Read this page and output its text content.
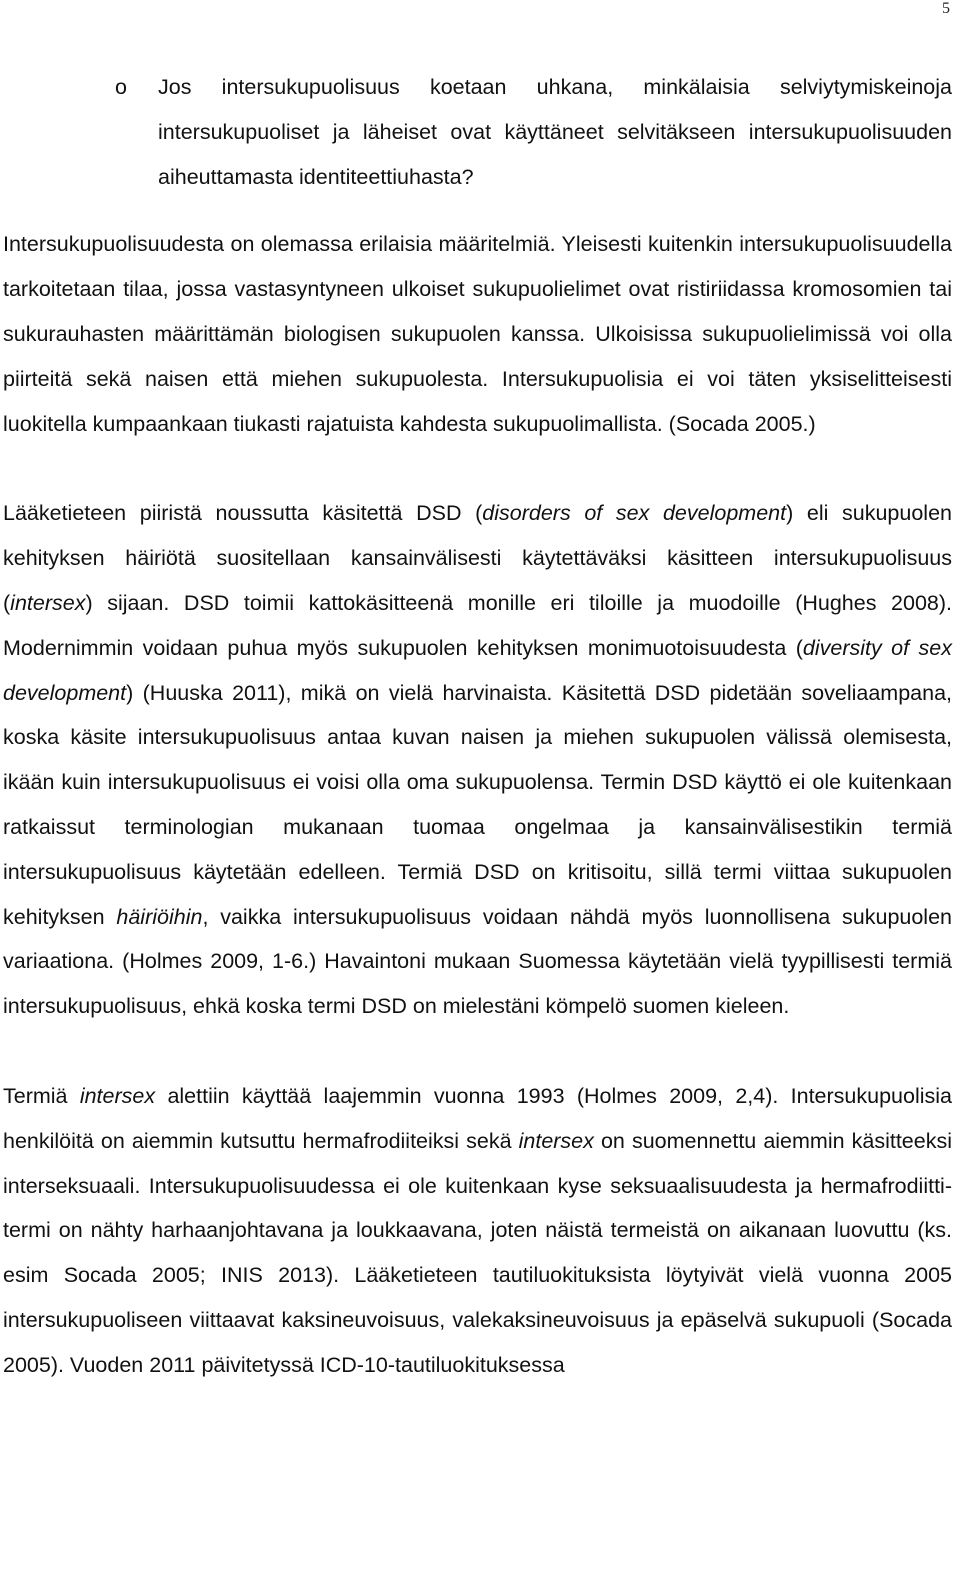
5
o Jos intersukupuolisuus koetaan uhkana, minkälaisia selviytymiskeinoja intersukupuoliset ja läheiset ovat käyttäneet selvitäkseen intersukupuolisuuden aiheuttamasta identiteettiuhasta?

Intersukupuolisuudesta on olemassa erilaisia määritelmiä. Yleisesti kuitenkin intersukupuolisuudella tarkoitetaan tilaa, jossa vastasyntyneen ulkoiset sukupuolielimet ovat ristiriidassa kromosomien tai sukurauhasten määrittämän biologisen sukupuolen kanssa. Ulkoisissa sukupuolielimissä voi olla piirteitä sekä naisen että miehen sukupuolesta. Intersukupuolisia ei voi täten yksiselitteisesti luokitella kumpaankaan tiukasti rajatuista kahdesta sukupuolimallista. (Socada 2005.)

Lääketieteen piiristä noussutta käsitettä DSD (disorders of sex development) eli sukupuolen kehityksen häiriötä suositellaan kansainvälisesti käytettäväksi käsitteen intersukupuolisuus (intersex) sijaan. DSD toimii kattokäsitteenä monille eri tiloille ja muodoille (Hughes 2008). Modernimmin voidaan puhua myös sukupuolen kehityksen monimuotoisuudesta (diversity of sex development) (Huuska 2011), mikä on vielä harvinaista. Käsitettä DSD pidetään soveliaampana, koska käsite intersukupuolisuus antaa kuvan naisen ja miehen sukupuolen välissä olemisesta, ikään kuin intersukupuolisuus ei voisi olla oma sukupuolensa. Termin DSD käyttö ei ole kuitenkaan ratkaissut terminologian mukanaan tuomaa ongelmaa ja kansainvälisestikin termiä intersukupuolisuus käytetään edelleen. Termiä DSD on kritisoitu, sillä termi viittaa sukupuolen kehityksen häiriöihin, vaikka intersukupuolisuus voidaan nähdä myös luonnollisena sukupuolen variaationa. (Holmes 2009, 1-6.) Havaintoni mukaan Suomessa käytetään vielä tyypillisesti termiä intersukupuolisuus, ehkä koska termi DSD on mielestäni kömpelö suomen kieleen.

Termiä intersex alettiin käyttää laajemmin vuonna 1993 (Holmes 2009, 2,4). Intersukupuolisia henkilöitä on aiemmin kutsuttu hermafrodiiteiksi sekä intersex on suomennettu aiemmin käsitteeksi interseksuaali. Intersukupuolisuudessa ei ole kuitenkaan kyse seksuaalisuudesta ja hermafrodiitti-termi on nähty harhaanjohtavana ja loukkaavana, joten näistä termeistä on aikanaan luovuttu (ks. esim Socada 2005; INIS 2013). Lääketieteen tautiluokituksista löytyivät vielä vuonna 2005 intersukupuoliseen viittaavat kaksineuvoisuus, valekaksineuvoisuus ja epäselvä sukupuoli (Socada 2005). Vuoden 2011 päivitetyssä ICD-10-tautiluokituksessa
